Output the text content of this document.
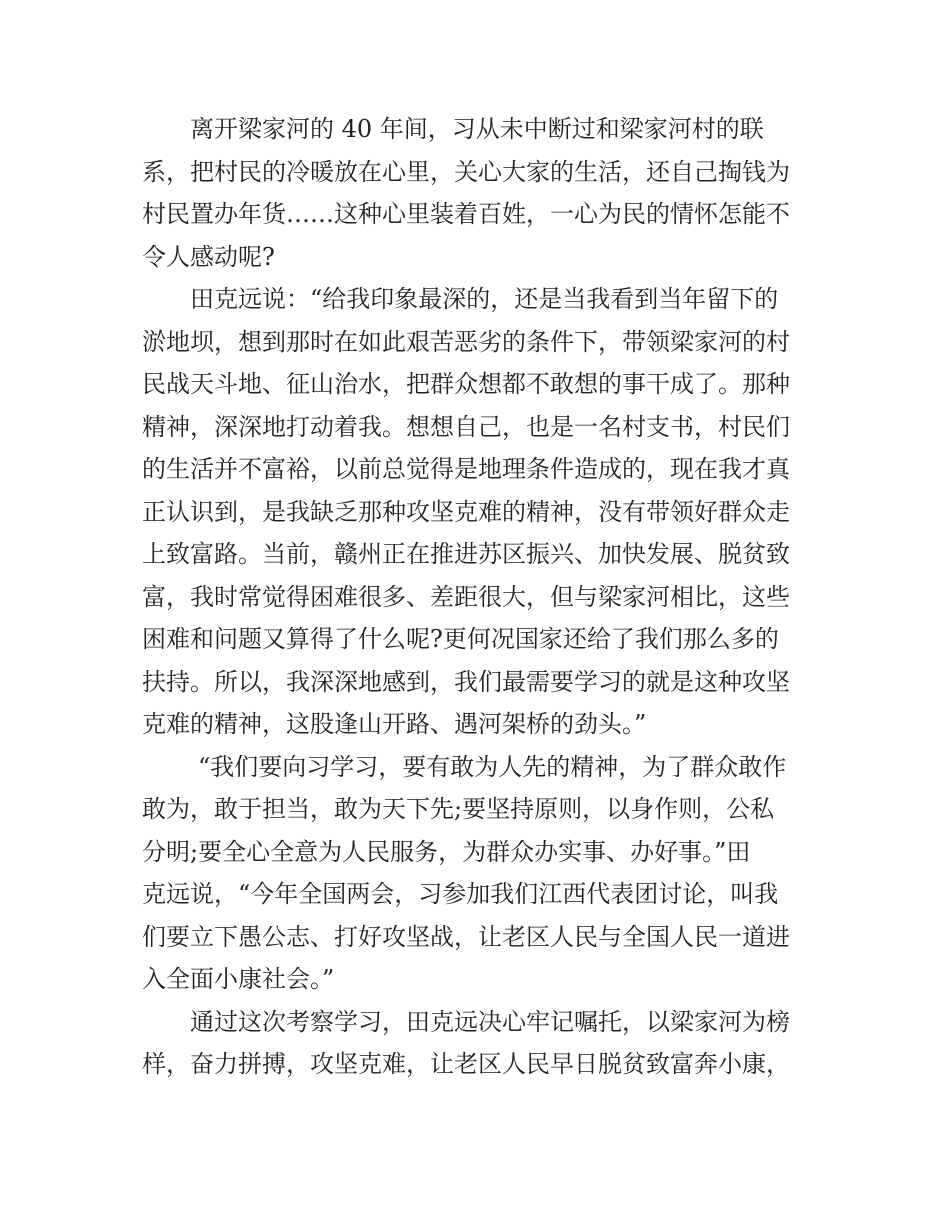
离开梁家河的 40 年间，习从未中断过和梁家河村的联
系，把村民的冷暖放在心里，关心大家的生活，还自己掏钱为
村民置办年货……这种心里装着百姓，一心为民的情怀怎能不
令人感动呢?
田克远说：“给我印象最深的，还是当我看到当年留下的
淤地坝，想到那时在如此艰苦恶劣的条件下，带领梁家河的村
民战天斗地、征山治水，把群众想都不敢想的事干成了。那种
精神，深深地打动着我。想想自己，也是一名村支书，村民们
的生活并不富裕，以前总觉得是地理条件造成的，现在我才真
正认识到，是我缺乏那种攻坚克难的精神，没有带领好群众走
上致富路。当前，赣州正在推进苏区振兴、加快发展、脱贫致
富，我时常觉得困难很多、差距很大，但与梁家河相比，这些
困难和问题又算得了什么呢?更何况国家还给了我们那么多的
扶持。所以，我深深地感到，我们最需要学习的就是这种攻坚
克难的精神，这股逢山开路、遇河架桥的劲头。”
“我们要向习学习，要有敢为人先的精神，为了群众敢作
敢为，敢于担当，敢为天下先;要坚持原则，以身作则，公私
分明;要全心全意为人民服务，为群众办实事、办好事。”田
克远说，“今年全国两会，习参加我们江西代表团讨论，叫我
们要立下愚公志、打好攻坚战，让老区人民与全国人民一道进
入全面小康社会。”
通过这次考察学习，田克远决心牢记嘱托，以梁家河为榜
样，奋力拼搏，攻坚克难，让老区人民早日脱贫致富奔小康，
